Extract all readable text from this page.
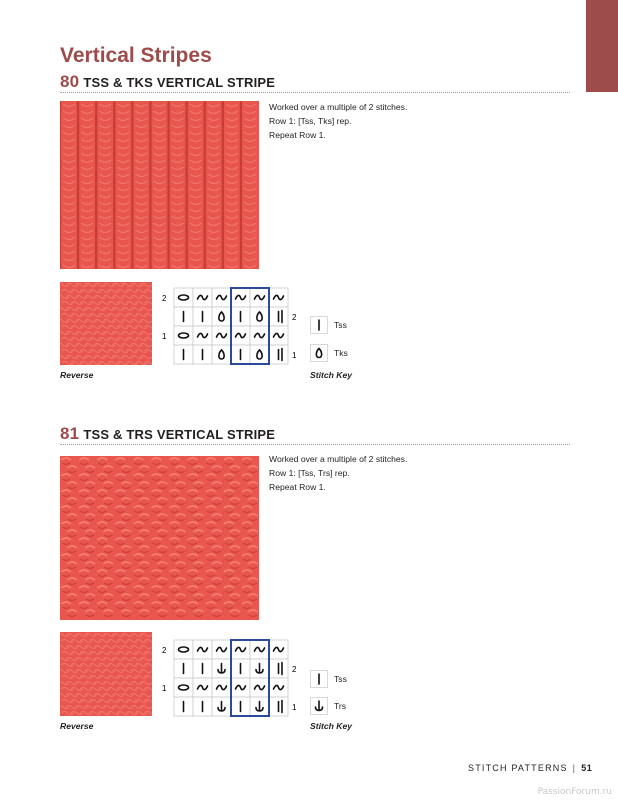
Vertical Stripes
80 TSS & TKS VERTICAL STRIPE
Worked over a multiple of 2 stitches.
Row 1: [Tss, Tks] rep.
Repeat Row 1.
Reverse
2
1
2
1
Tss
Tks
Stitch Key
81 TSS & TRS VERTICAL STRIPE
Worked over a multiple of 2 stitches.
Row 1: [Tss, Trs] rep.
Repeat Row 1.
Reverse
2
1
2
1
Tss
Trs
Stitch Key
STITCH PATTERNS | 51
PassionForum.ru
